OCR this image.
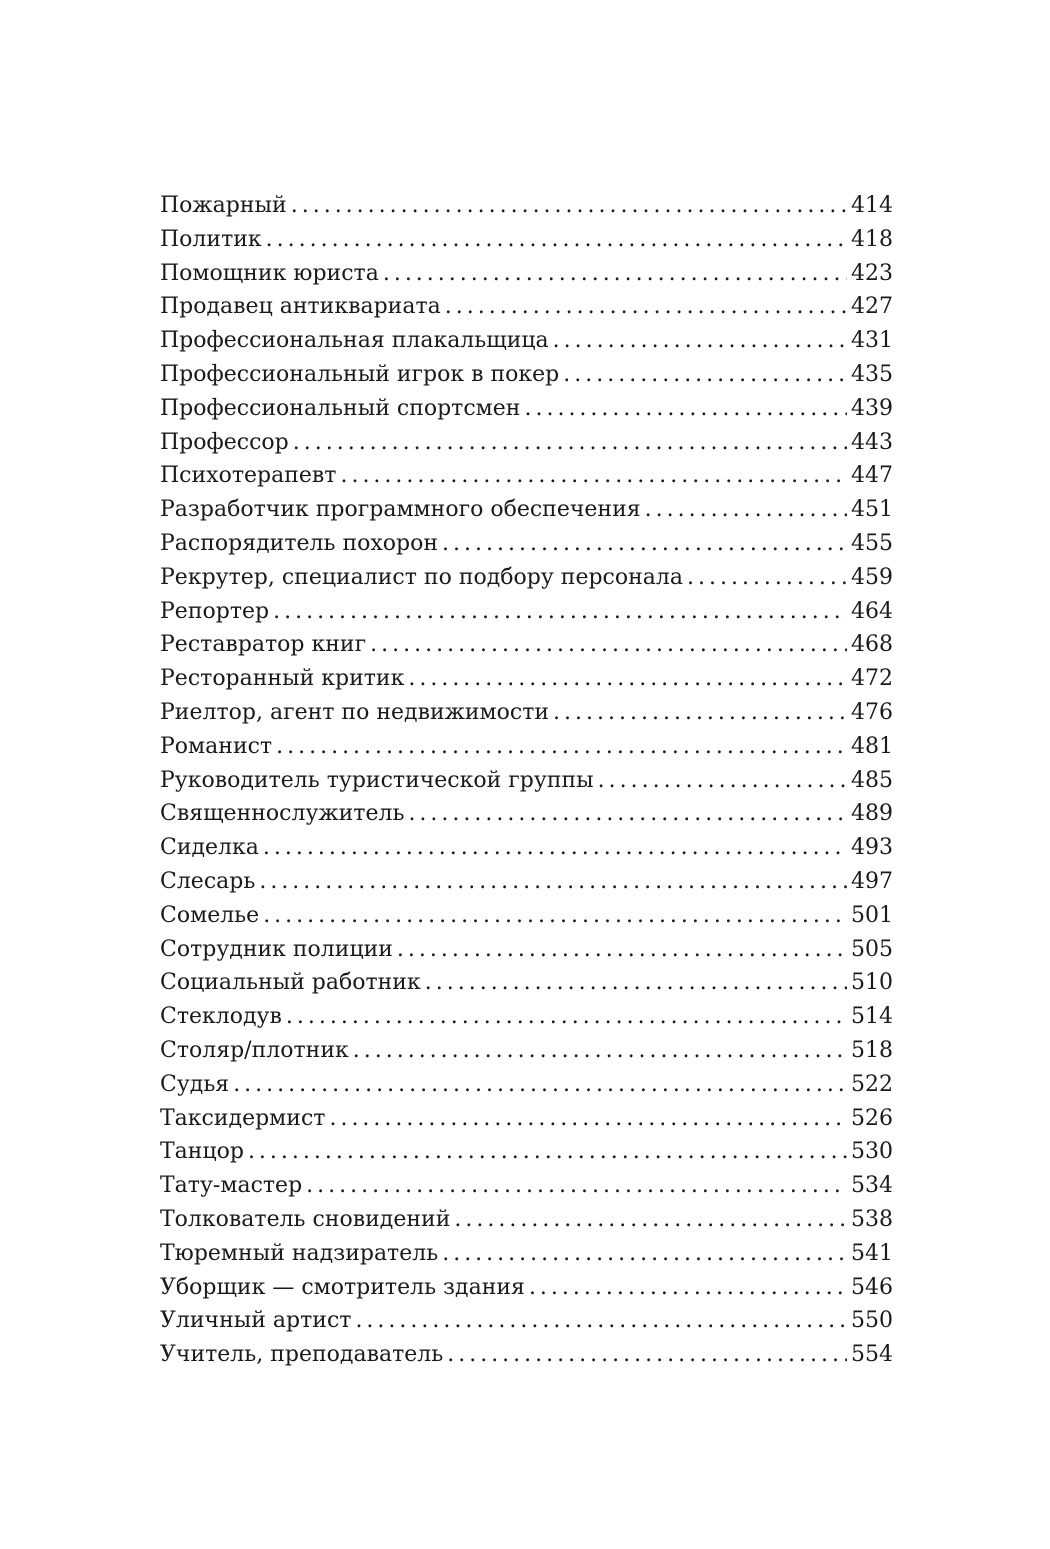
Пожарный .....	414
Политик .....	418
Помощник юриста .....	423
Продавец антиквариата .....	427
Профессиональная плакальщица .....	431
Профессиональный игрок в покер .....	435
Профессиональный спортсмен .....	439
Профессор .....	443
Психотерапевт .....	447
Разработчик программного обеспечения .....	451
Распорядитель похорон .....	455
Рекрутер, специалист по подбору персонала .....	459
Репортер .....	464
Реставратор книг .....	468
Ресторанный критик .....	472
Риелтор, агент по недвижимости .....	476
Романист .....	481
Руководитель туристической группы .....	485
Священнослужитель .....	489
Сиделка .....	493
Слесарь .....	497
Сомелье .....	501
Сотрудник полиции .....	505
Социальный работник .....	510
Стеклодув .....	514
Столяр/плотник .....	518
Судья .....	522
Таксидермист .....	526
Танцор .....	530
Тату-мастер .....	534
Толкователь сновидений .....	538
Тюремный надзиратель .....	541
Уборщик — смотритель здания .....	546
Уличный артист .....	550
Учитель, преподаватель .....	554
